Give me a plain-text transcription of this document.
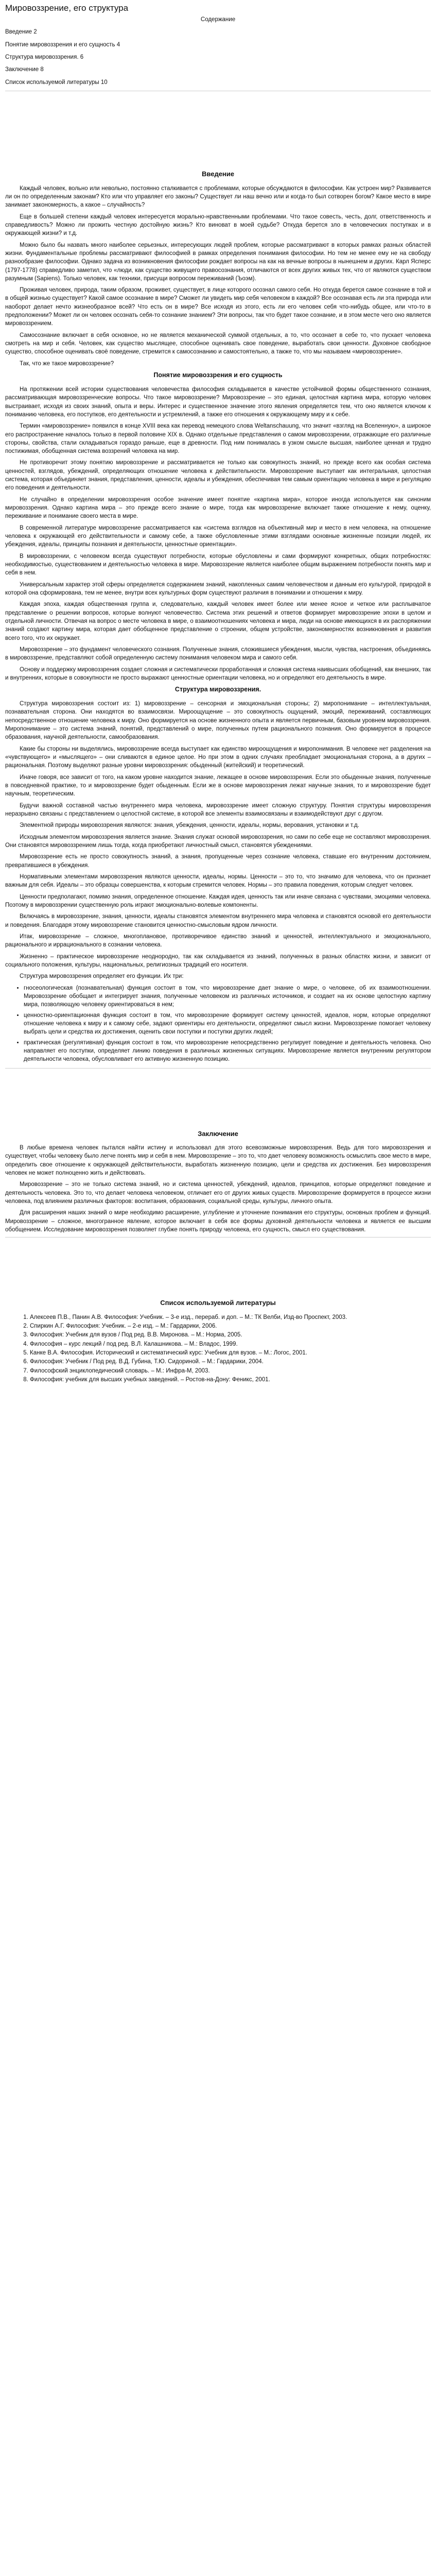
Мировоззрение, его структура
Содержание
Введение 2
Понятие мировоззрения и его сущность 4
Структура мировоззрения. 6
Заключение 8
Список используемой литературы 10
Введение

Каждый человек, вольно или невольно, постоянно сталкивается с проблемами, которые обсуждаются в философии. Как устроен мир? Развивается ли он по определенным законам? Кто или что управляет его законы? Существует ли наш вечно или и когда-то был сотворен богом? Какое место в мире занимает закономерность, а какое – случайность?

Еще в большей степени каждый человек интересуется морально-нравственными проблемами. Что такое совесть, честь, долг, ответственность и справедливость? Можно ли прожить честную достойную жизнь? Кто виноват в моей судьбе? Откуда берется зло в человеческих поступках и в окружающей жизни? и т.д.

Можно было бы назвать много наиболее серьезных, интересующих людей проблем, которые рассматривают в которых рамках разных областей жизни. Фундаментальные проблемы рассматривают философией в рамках определения понимания философии. Но тем не менее ему не на свободу разнообразие философии. Однако задача из возникновения философии рождает вопросы на как на вечные вопросы в нынешнем и других. Карл Ясперс (1797-1778) справедливо заметил, что «люди, как существо живущего правосознания, отличаются от всех других живых тех, что от являются существом разумным (Sapiens). Только человек, как техники, присущи вопросом переживаний (Ъоэм).

Проживая человек, природа, таким образом, проживет, существует, в лице которого осознал самого себя. Но откуда берется самое сознание в той и в общей жизнью существует? Какой самое осознание в мире? Сможет ли увидеть мир себя человеком в каждой? Все осознавая есть ли эта природа или наоборот делает нечто жизнеобразное всей? Что есть он в мире? Все исходя из этого, есть ли его человек себя что-нибудь общее, или что-то в предположении? Может ли он человек осознать себя-то сознание знанием? Эти вопросы, так что будет такое сознание, и в этом месте чего оно является мировоззрением.

Самосознание включает в себя основное, но не является механической суммой отдельных, а то, что осознает в себе то, что пускает человека смотреть на мир и себя. Человек, как существо мыслящее, способное оценивать свое поведение, выработать свои ценности. Духовное свободное существо, способное оценивать своё поведение, стремится к самосознанию и самостоятельно, а также то, что мы называем «мировоззрение».

Так, что же такое мировоззрение?

Понятие мировоззрения и его сущность

На протяжении всей истории существования человечества философия складывается в качестве устойчивой формы общественного сознания, рассматривающая мировоззренческие вопросы. Что такое мировоззрение? Мировоззрение – это единая, целостная картина мира, которую человек выстраивает, исходя из своих знаний, опыта и веры. Интерес и существенное значение этого явления определяется тем, что оно является ключом к пониманию человека, его поступков, его деятельности и устремлений, а также его отношения к окружающему миру и к себе.

Термин «мировоззрение» появился в конце XVIII века как перевод немецкого слова Weltanschauung, что значит «взгляд на Вселенную», а широкое его распространение началось только в первой половине XIX в. Однако отдельные представления о самом мировоззрении, отражающие его различные стороны, свойства, стали складываться гораздо раньше, еще в древности. Под ним понималась в узком смысле высшая, наиболее ценная и трудно постижимая, обобщенная система воззрений человека на мир.

Не противоречит этому понятию мировоззрение и рассматривается не только как совокупность знаний, но прежде всего как особая система ценностей, взглядов, убеждений, определяющих отношение человека к действительности. Мировоззрение выступает как интегральная, целостная система, которая объединяет знания, представления, ценности, идеалы и убеждения, обеспечивая тем самым ориентацию человека в мире и регуляцию его поведения и деятельности.

Не случайно в определении мировоззрения особое значение имеет понятие «картина мира», которое иногда используется как синоним мировоззрения. Однако картина мира – это прежде всего знание о мире, тогда как мировоззрение включает также отношение к нему, оценку, переживание и понимание своего места в мире.

В современной литературе мировоззрение рассматривается как «система взглядов на объективный мир и место в нем человека, на отношение человека к окружающей его действительности и самому себе, а также обусловленные этими взглядами основные жизненные позиции людей, их убеждения, идеалы, принципы познания и деятельности, ценностные ориентации».

В мировоззрении, с человеком всегда существуют потребности, которые обусловлены и сами формируют конкретных, общих потребностях: необходимостью, существованием и деятельностью человека в мире. Мировоззрение является наиболее общим выражением потребности понять мир и себя в нем.

Универсальным характер этой сферы определяется содержанием знаний, накопленных самим человечеством и данным его культурой, природой в которой она сформирована, тем не менее, внутри всех культурных форм существуют различия в понимании и отношении к миру.

Каждая эпоха, каждая общественная группа и, следовательно, каждый человек имеет более или менее ясное и четкое или расплывчатое представление о решении вопросов, которые волнуют человечество. Система этих решений и ответов формирует мировоззрение эпохи в целом и отдельной личности. Отвечая на вопрос о месте человека в мире, о взаимоотношениях человека и мира, люди на основе имеющихся в их распоряжении знаний создают картину мира, которая дает обобщенное представление о строении, общем устройстве, закономерностях возникновения и развития всего того, что их окружает.

Мировоззрение – это фундамент человеческого сознания. Полученные знания, сложившиеся убеждения, мысли, чувства, настроения, объединяясь в мировоззрение, представляют собой определенную систему понимания человеком мира и самого себя.

Основу и поддержку мировоззрения создает сложная и систематически проработанная и сложная система наивысших обобщений, как внешних, так и внутренних, которые в совокупности не просто выражают ценностные ориентации человека, но и определяют его деятельность в мире.

Структура мировоззрения.

Структура мировоззрения состоит из: 1) мировоззрение – сенсорная и эмоциональная стороны; 2) миропонимание – интеллектуальная, познавательная сторона. Они находятся во взаимосвязи. Мироощущение – это совокупность ощущений, эмоций, переживаний, составляющих непосредственное отношение человека к миру. Оно формируется на основе жизненного опыта и является первичным, базовым уровнем мировоззрения. Миропонимание – это система знаний, понятий, представлений о мире, полученных путем рационального познания. Оно формируется в процессе образования, научной деятельности, самообразования.

Какие бы стороны ни выделялись, мировоззрение всегда выступает как единство мироощущения и миропонимания. В человеке нет разделения на «чувствующего» и «мыслящего» – они сливаются в единое целое. Но при этом в одних случаях преобладает эмоциональная сторона, а в других – рациональная. Поэтому выделяют разные уровни мировоззрения: обыденный (житейский) и теоретический.

Иначе говоря, все зависит от того, на каком уровне находится знание, лежащее в основе мировоззрения. Если это обыденные знания, полученные в повседневной практике, то и мировоззрение будет обыденным. Если же в основе мировоззрения лежат научные знания, то и мировоззрение будет научным, теоретическим.

Будучи важной составной частью внутреннего мира человека, мировоззрение имеет сложную структуру. Понятия структуры мировоззрения неразрывно связаны с представлением о целостной системе, в которой все элементы взаимосвязаны и взаимодействуют друг с другом.

Элементной природы мировоззрения являются: знания, убеждения, ценности, идеалы, нормы, верования, установки и т.д.

Исходным элементом мировоззрения является знание. Знания служат основой мировоззрения, но сами по себе еще не составляют мировоззрения. Они становятся мировоззрением лишь тогда, когда приобретают личностный смысл, становятся убеждениями.

Мировоззрение есть не просто совокупность знаний, а знания, пропущенные через сознание человека, ставшие его внутренним достоянием, превратившиеся в убеждения.

Нормативными элементами мировоззрения являются ценности, идеалы, нормы. Ценности – это то, что значимо для человека, что он признает важным для себя. Идеалы – это образцы совершенства, к которым стремится человек. Нормы – это правила поведения, которым следует человек.

Ценности предполагают, помимо знания, определенное отношение. Каждая идея, ценность так или иначе связана с чувствами, эмоциями человека. Поэтому в мировоззрении существенную роль играют эмоционально-волевые компоненты.

Включаясь в мировоззрение, знания, ценности, идеалы становятся элементом внутреннего мира человека и становятся основой его деятельности и поведения. Благодаря этому мировоззрение становится ценностно-смысловым ядром личности.

Итак, мировоззрение – сложное, многоплановое, противоречивое единство знаний и ценностей, интеллектуального и эмоционального, рационального и иррационального в сознании человека.

Жизненно – практическое мировоззрение неоднородно, так как складывается из знаний, полученных в разных областях жизни, и зависит от социального положения, культуры, национальных, религиозных традиций его носителя.

Структура мировоззрения определяет его функции. Их три:

• гносеологическая (познавательная) функция состоит в том, что мировоззрение дает знание о мире, о человеке, об их взаимоотношении. Мировоззрение обобщает и интегрирует знания, полученные человеком из различных источников, и создает на их основе целостную картину мира, позволяющую человеку ориентироваться в нем;
• ценностно-ориентационная функция состоит в том, что мировоззрение формирует систему ценностей, идеалов, норм, которые определяют отношение человека к миру и к самому себе, задают ориентиры его деятельности, определяют смысл жизни. Мировоззрение помогает человеку выбрать цели и средства их достижения, оценить свои поступки и поступки других людей;
• практическая (регулятивная) функция состоит в том, что мировоззрение непосредственно регулирует поведение и деятельность человека. Оно направляет его поступки, определяет линию поведения в различных жизненных ситуациях. Мировоззрение является внутренним регулятором деятельности человека, обусловливает его активную жизненную позицию.
Заключение

В любые времена человек пытался найти истину и использовал для этого всевозможные мировоззрения. Ведь для того мировоззрения и существует, чтобы человеку было легче понять мир и себя в нем. Мировоззрение – это то, что дает человеку возможность осмыслить свое место в мире, определить свое отношение к окружающей действительности, выработать жизненную позицию, цели и средства их достижения. Без мировоззрения человек не может полноценно жить и действовать.

Мировоззрение – это не только система знаний, но и система ценностей, убеждений, идеалов, принципов, которые определяют поведение и деятельность человека. Это то, что делает человека человеком, отличает его от других живых существ. Мировоззрение формируется в процессе жизни человека, под влиянием различных факторов: воспитания, образования, социальной среды, культуры, личного опыта.

Для расширения наших знаний о мире необходимо расширение, углубление и уточнение понимания его структуры, основных проблем и функций. Мировоззрение – сложное, многогранное явление, которое включает в себя все формы духовной деятельности человека и является ее высшим обобщением. Исследование мировоззрения позволяет глубже понять природу человека, его сущность, смысл его существования.

Список используемой литературы
1. Алексеев П.В., Панин А.В. Философия: Учебник. – 3-е изд., перераб. и доп. – М.: ТК Велби, Изд-во Проспект, 2003.
2. Спиркин А.Г. Философия: Учебник. – 2-е изд. – М.: Гардарики, 2006.
3. Философия: Учебник для вузов / Под ред. В.В. Миронова. – М.: Норма, 2005.
4. Философия – курс лекций / под ред. В.Л. Калашникова. – М.: Владос, 1999.
5. Канке В.А. Философия. Исторический и систематический курс: Учебник для вузов. – М.: Логос, 2001.
6. Философия: Учебник / Под ред. В.Д. Губина, Т.Ю. Сидориной. – М.: Гардарики, 2004.
7. Философский энциклопедический словарь. – М.: Инфра-М, 2003.
8. Философия: учебник для высших учебных заведений. – Ростов-на-Дону: Феникс, 2001.
